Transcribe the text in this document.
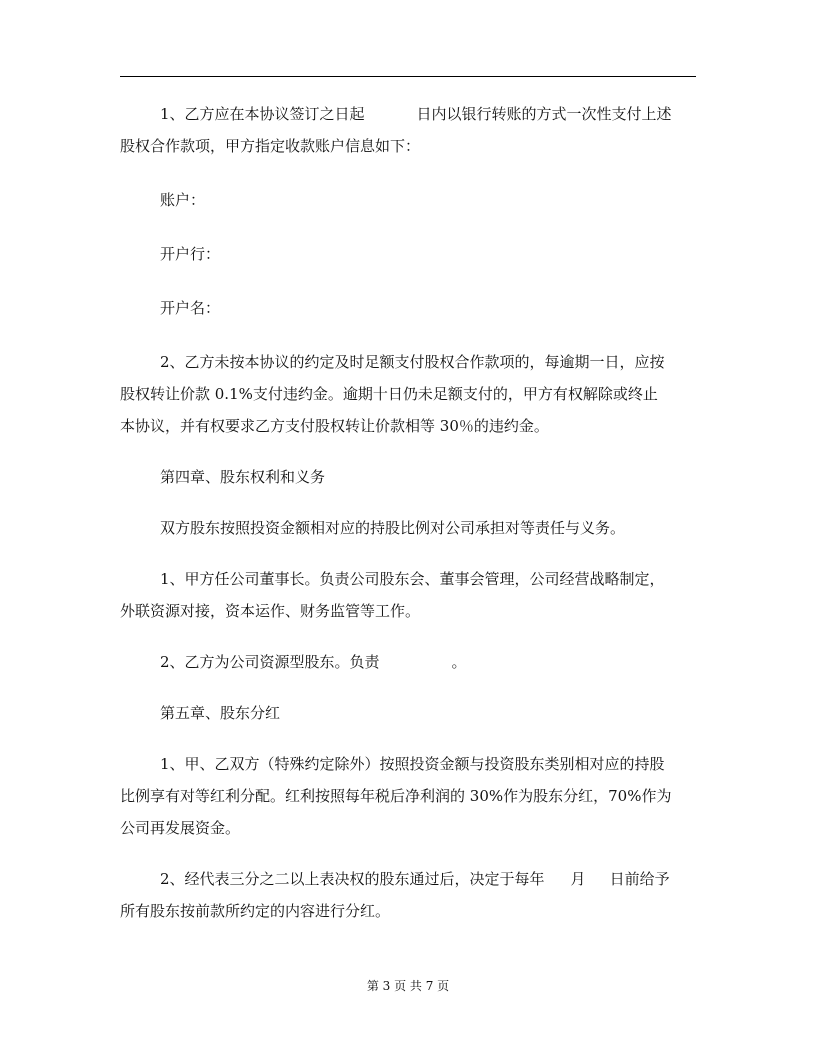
1、乙方应在本协议签订之日起	日内以银行转账的方式一次性支付上述
股权合作款项，甲方指定收款账户信息如下：

账户：

开户行：

开户名：

2、乙方未按本协议的约定及时足额支付股权合作款项的，每逾期一日，应按
股权转让价款 0.1%支付违约金。逾期十日仍未足额支付的，甲方有权解除或终止
本协议，并有权要求乙方支付股权转让价款相等 30％的违约金。

第四章、股东权利和义务

双方股东按照投资金额相对应的持股比例对公司承担对等责任与义务。

1、甲方任公司董事长。负责公司股东会、董事会管理，公司经营战略制定，
外联资源对接，资本运作、财务监管等工作。

2、乙方为公司资源型股东。负责	。

第五章、股东分红

1、甲、乙双方（特殊约定除外）按照投资金额与投资股东类别相对应的持股
比例享有对等红利分配。红利按照每年税后净利润的 30%作为股东分红，70%作为
公司再发展资金。

2、经代表三分之二以上表决权的股东通过后，决定于每年 月 日前给予
所有股东按前款所约定的内容进行分红。

第 3 页 共 7 页
